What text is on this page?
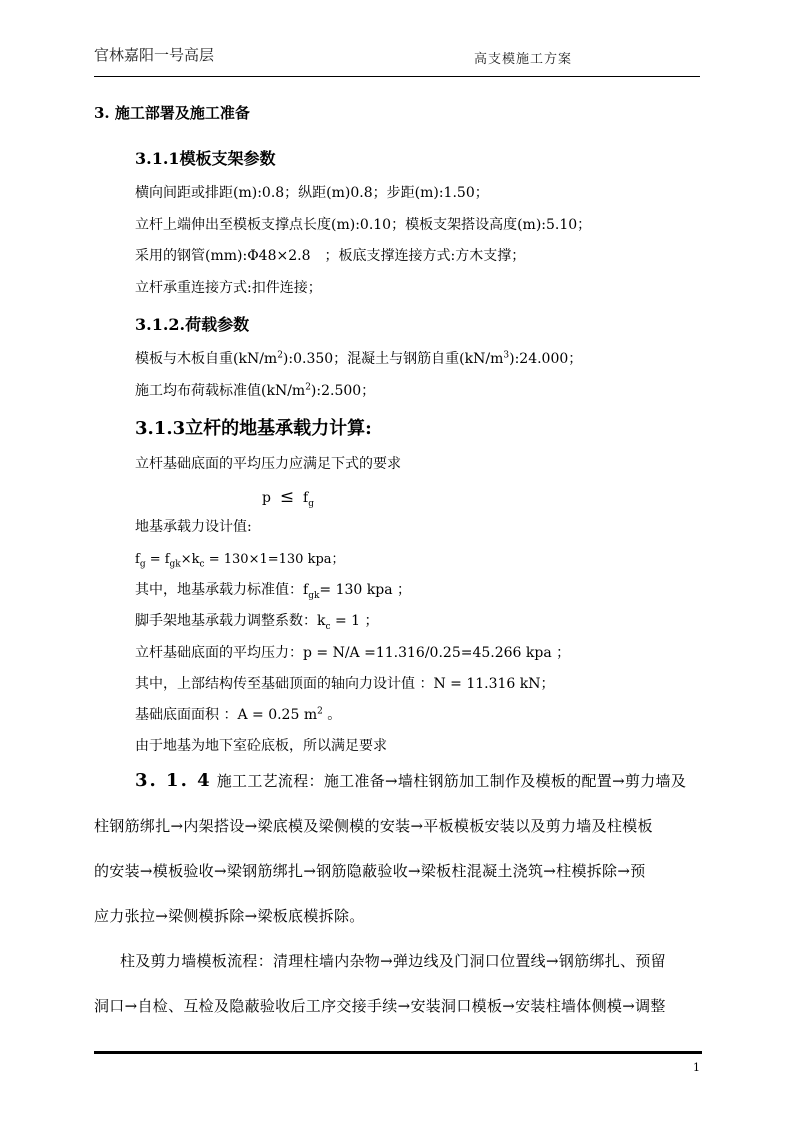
官林嘉阳一号高层	高支模施工方案
3. 施工部署及施工准备
3.1.1模板支架参数
横向间距或排距(m):0.8；纵距(m)0.8；步距(m):1.50；
立杆上端伸出至模板支撑点长度(m):0.10；模板支架搭设高度(m):5.10；
采用的钢管(mm):Φ48×2.8　；板底支撑连接方式:方木支撑；
立杆承重连接方式:扣件连接；
3.1.2.荷载参数
模板与木板自重$(kN/m^2):0.350$；混凝土与钢筋自重$(kN/m^3):24.000$；
施工均布荷载标准值$(kN/m^2):2.500$；
3.1.3立杆的地基承载力计算:
立杆基础底面的平均压力应满足下式的要求
$p \le f_g$
地基承载力设计值:
$f_g = f_{gk}\times k_c = 130\times 1=130$ kpa；
其中，地基承载力标准值：$f_{gk}= 130$ kpa ；
脚手架地基承载力调整系数：$k_c = 1$ ；
立杆基础底面的平均压力：p = N/A =11.316/0.25=45.266 kpa ；
其中，上部结构传至基础顶面的轴向力设计值 ：N = 11.316 kN；
基础底面面积 ：A = 0.25 $m^2$ 。
由于地基为地下室砼底板，所以满足要求
3. 1. 4 施工工艺流程：施工准备→墙柱钢筋加工制作及模板的配置→剪力墙及
柱钢筋绑扎→内架搭设→梁底模及梁侧模的安装→平板模板安装以及剪力墙及柱模板
的安装→模板验收→梁钢筋绑扎→钢筋隐蔽验收→梁板柱混凝土浇筑→柱模拆除→预
应力张拉→梁侧模拆除→梁板底模拆除。
柱及剪力墙模板流程：清理柱墙内杂物→弹边线及门洞口位置线→钢筋绑扎、预留
洞口→自检、互检及隐蔽验收后工序交接手续→安装洞口模板→安装柱墙体侧模→调整
1
